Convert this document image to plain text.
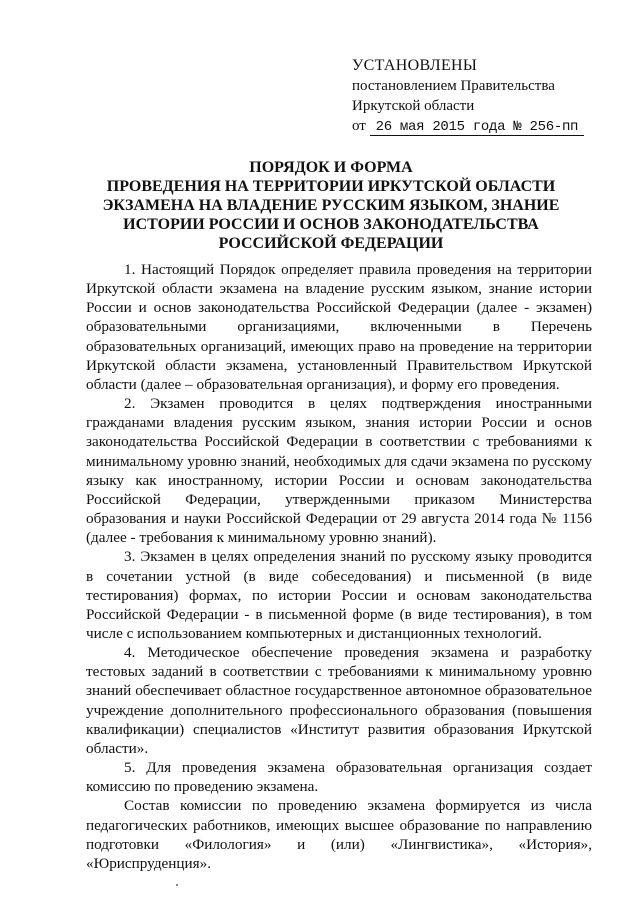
УСТАНОВЛЕНЫ
постановлением Правительства
Иркутской области
от 26 мая 2015 года № 256-пп
ПОРЯДОК И ФОРМА
ПРОВЕДЕНИЯ НА ТЕРРИТОРИИ ИРКУТСКОЙ ОБЛАСТИ
ЭКЗАМЕНА НА ВЛАДЕНИЕ РУССКИМ ЯЗЫКОМ, ЗНАНИЕ
ИСТОРИИ РОССИИ И ОСНОВ ЗАКОНОДАТЕЛЬСТВА
РОССИЙСКОЙ ФЕДЕРАЦИИ

1. Настоящий Порядок определяет правила проведения на территории Иркутской области экзамена на владение русским языком, знание истории России и основ законодательства Российской Федерации (далее - экзамен) образовательными организациями, включенными в Перечень образовательных организаций, имеющих право на проведение на территории Иркутской области экзамена, установленный Правительством Иркутской области (далее – образовательная организация), и форму его проведения.

2. Экзамен проводится в целях подтверждения иностранными гражданами владения русским языком, знания истории России и основ законодательства Российской Федерации в соответствии с требованиями к минимальному уровню знаний, необходимых для сдачи экзамена по русскому языку как иностранному, истории России и основам законодательства Российской Федерации, утвержденными приказом Министерства образования и науки Российской Федерации от 29 августа 2014 года № 1156 (далее - требования к минимальному уровню знаний).

3. Экзамен в целях определения знаний по русскому языку проводится в сочетании устной (в виде собеседования) и письменной (в виде тестирования) формах, по истории России и основам законодательства Российской Федерации - в письменной форме (в виде тестирования), в том числе с использованием компьютерных и дистанционных технологий.

4. Методическое обеспечение проведения экзамена и разработку тестовых заданий в соответствии с требованиями к минимальному уровню знаний обеспечивает областное государственное автономное образовательное учреждение дополнительного профессионального образования (повышения квалификации) специалистов «Институт развития образования Иркутской области».

5. Для проведения экзамена образовательная организация создает комиссию по проведению экзамена.

Состав комиссии по проведению экзамена формируется из числа педагогических работников, имеющих высшее образование по направлению подготовки «Филология» и (или) «Лингвистика», «История», «Юриспруденция».
